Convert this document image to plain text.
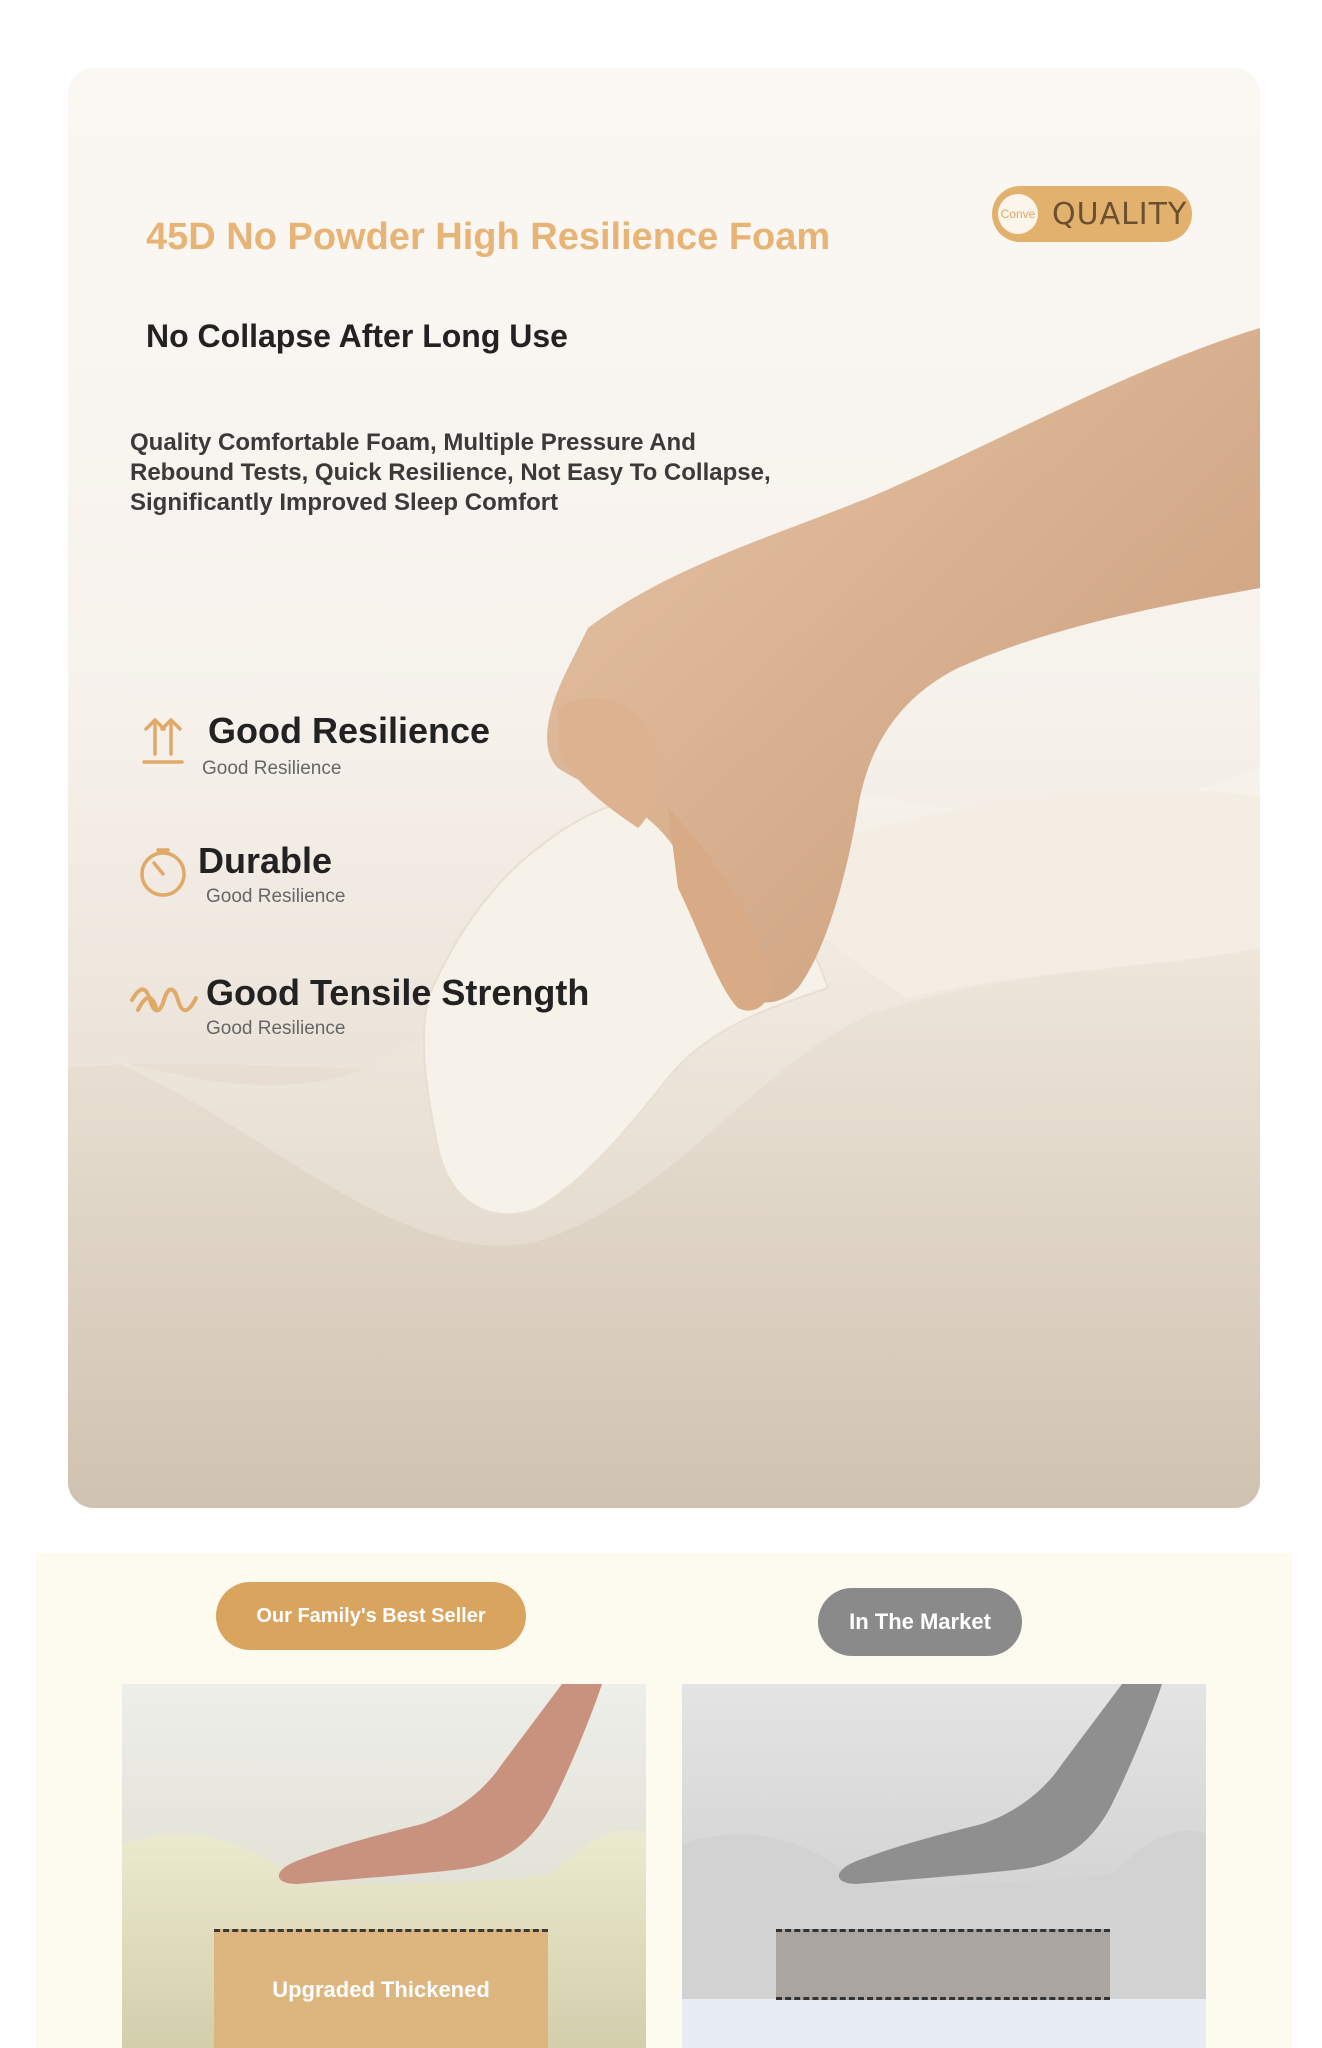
Conve QUALITY
45D No Powder High Resilience Foam
No Collapse After Long Use
Quality Comfortable Foam, Multiple Pressure And Rebound Tests, Quick Resilience, Not Easy To Collapse, Significantly Improved Sleep Comfort
Good Resilience
Good Resilience
Durable
Good Resilience
Good Tensile Strength
Good Resilience
Our Family's Best Seller	In The Market
Upgraded Thickened
